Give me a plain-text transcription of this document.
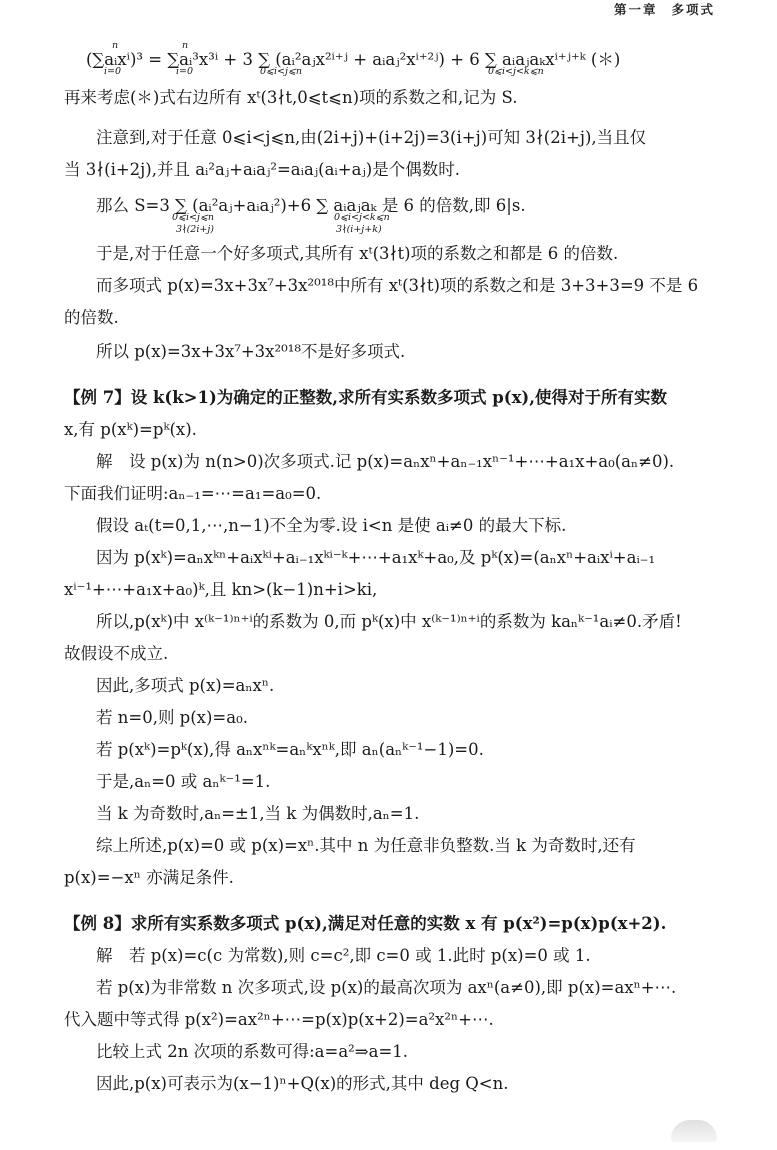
第一章 多项式
(∑aᵢxⁱ)³ = ∑aᵢ³x³ⁱ + 3 ∑ (aᵢ²aⱼx²ⁱ⁺ʲ + aᵢaⱼ²xⁱ⁺²ʲ) + 6 ∑ aᵢaⱼaₖxⁱ⁺ʲ⁺ᵏ (＊)
再来考虑(＊)式右边所有 xᵗ(3∤t,0⩽t⩽n)项的系数之和,记为 S.
注意到,对于任意 0⩽i<j⩽n,由(2i+j)+(i+2j)=3(i+j)可知 3∤(2i+j),当且仅
当 3∤(i+2j),并且 aᵢ²aⱼ+aᵢaⱼ²=aᵢaⱼ(aᵢ+aⱼ)是个偶数时.
那么 S=3 ∑ (aᵢ²aⱼ+aᵢaⱼ²)+6 ∑ aᵢaⱼaₖ 是 6 的倍数,即 6|s.
于是,对于任意一个好多项式,其所有 xᵗ(3∤t)项的系数之和都是 6 的倍数.
而多项式 p(x)=3x+3x⁷+3x²⁰¹⁸中所有 xᵗ(3∤t)项的系数之和是 3+3+3=9 不是 6
的倍数.
所以 p(x)=3x+3x⁷+3x²⁰¹⁸不是好多项式.
【例 7】设 k(k>1)为确定的正整数,求所有实系数多项式 p(x),使得对于所有实数
x,有 p(xᵏ)=pᵏ(x).
解　设 p(x)为 n(n>0)次多项式.记 p(x)=aₙxⁿ+aₙ₋₁xⁿ⁻¹+⋯+a₁x+a₀(aₙ≠0).
下面我们证明:aₙ₋₁=⋯=a₁=a₀=0.
假设 aₜ(t=0,1,⋯,n−1)不全为零.设 i<n 是使 aᵢ≠0 的最大下标.
因为 p(xᵏ)=aₙxᵏⁿ+aᵢxᵏⁱ+aᵢ₋₁xᵏⁱ⁻ᵏ+⋯+a₁xᵏ+a₀,及 pᵏ(x)=(aₙxⁿ+aᵢxⁱ+aᵢ₋₁
xⁱ⁻¹+⋯+a₁x+a₀)ᵏ,且 kn>(k−1)n+i>ki,
所以,p(xᵏ)中 x⁽ᵏ⁻¹⁾ⁿ⁺ⁱ的系数为 0,而 pᵏ(x)中 x⁽ᵏ⁻¹⁾ⁿ⁺ⁱ的系数为 kaₙᵏ⁻¹aᵢ≠0.矛盾!
故假设不成立.
因此,多项式 p(x)=aₙxⁿ.
若 n=0,则 p(x)=a₀.
若 p(xᵏ)=pᵏ(x),得 aₙxⁿᵏ=aₙᵏxⁿᵏ,即 aₙ(aₙᵏ⁻¹−1)=0.
于是,aₙ=0 或 aₙᵏ⁻¹=1.
当 k 为奇数时,aₙ=±1,当 k 为偶数时,aₙ=1.
综上所述,p(x)=0 或 p(x)=xⁿ.其中 n 为任意非负整数.当 k 为奇数时,还有
p(x)=−xⁿ 亦满足条件.
【例 8】求所有实系数多项式 p(x),满足对任意的实数 x 有 p(x²)=p(x)p(x+2).
解　若 p(x)=c(c 为常数),则 c=c²,即 c=0 或 1.此时 p(x)=0 或 1.
若 p(x)为非常数 n 次多项式,设 p(x)的最高次项为 axⁿ(a≠0),即 p(x)=axⁿ+⋯.
代入题中等式得 p(x²)=ax²ⁿ+⋯=p(x)p(x+2)=a²x²ⁿ+⋯.
比较上式 2n 次项的系数可得:a=a²⇒a=1.
因此,p(x)可表示为(x−1)ⁿ+Q(x)的形式,其中 deg Q<n.
n
i=0
n
i=0	0⩽i<j⩽n	0⩽i<j<k⩽n
0⩽i<j⩽n
3∤(2i+j)
0⩽i<j<k⩽n
3∤(i+j+k)
